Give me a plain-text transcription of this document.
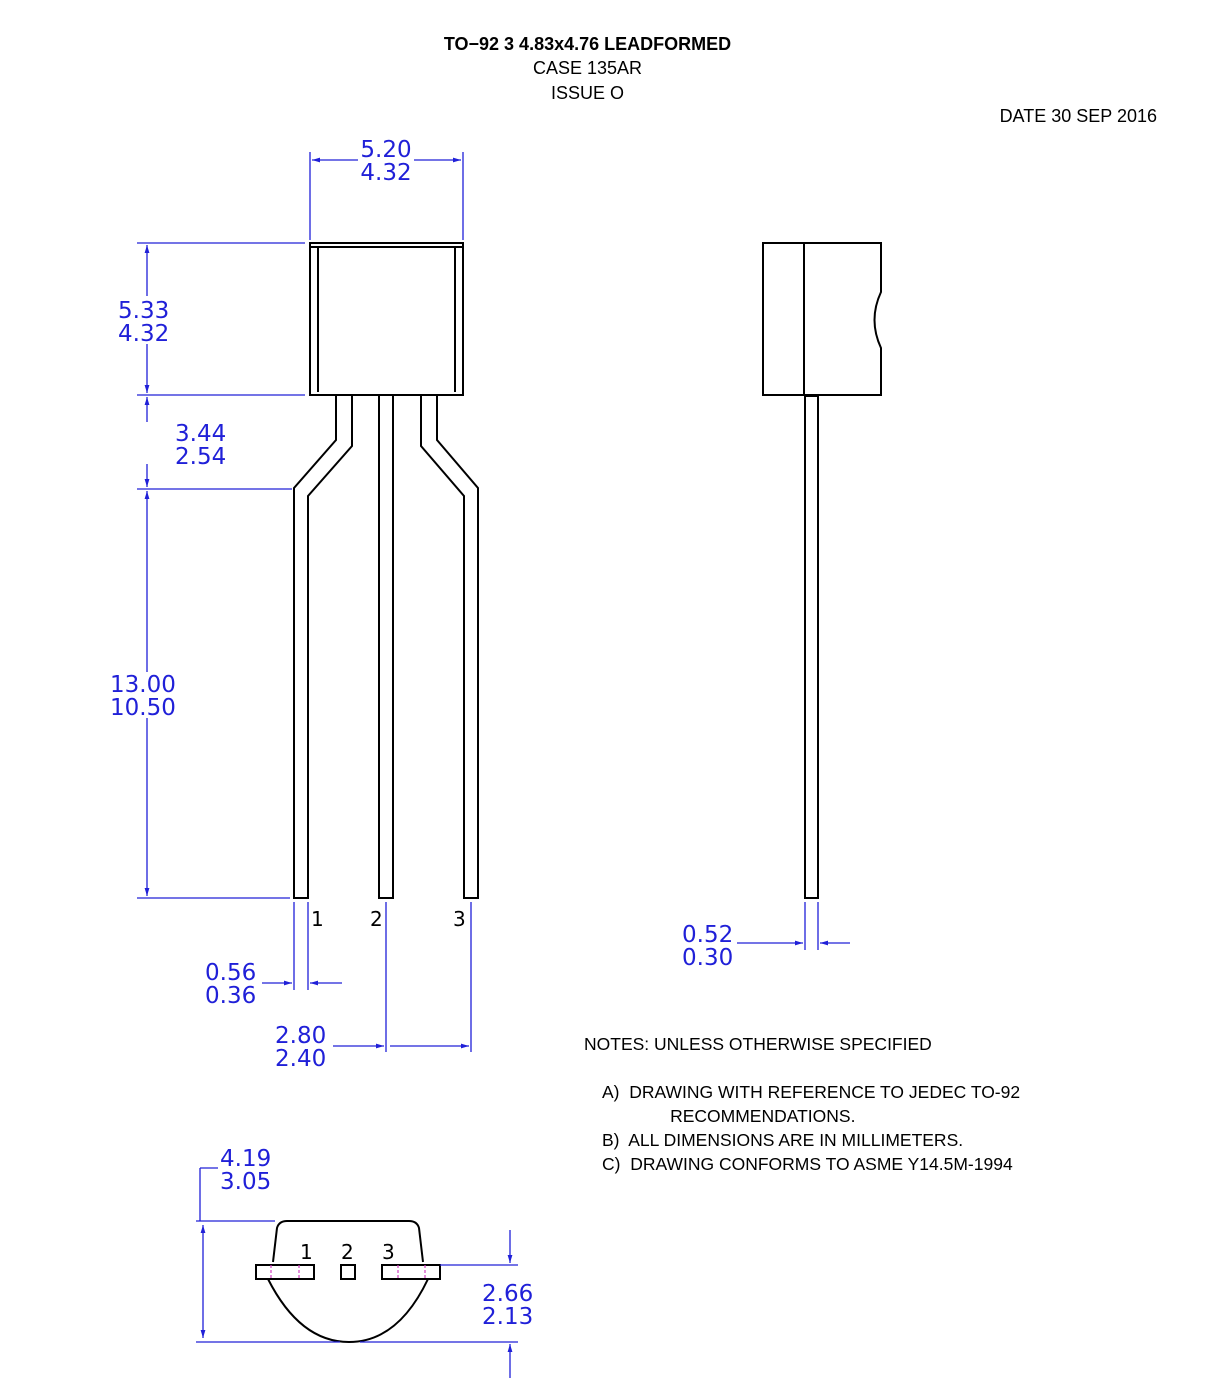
TO−92 3 4.83x4.76 LEADFORMED
CASE 135AR
ISSUE O
DATE 30 SEP 2016
5.20
4.32
5.33
4.32
3.44
2.54
13.00
10.50
0.56
0.36
2.80
2.40
0.52
0.30
4.19
3.05
2.66
2.13
1 2	3
1 2 3
NOTES: UNLESS OTHERWISE SPECIFIED
A)  DRAWING WITH REFERENCE TO JEDEC TO-92
RECOMMENDATIONS.
B)  ALL DIMENSIONS ARE IN MILLIMETERS.
C)  DRAWING CONFORMS TO ASME Y14.5M-1994
